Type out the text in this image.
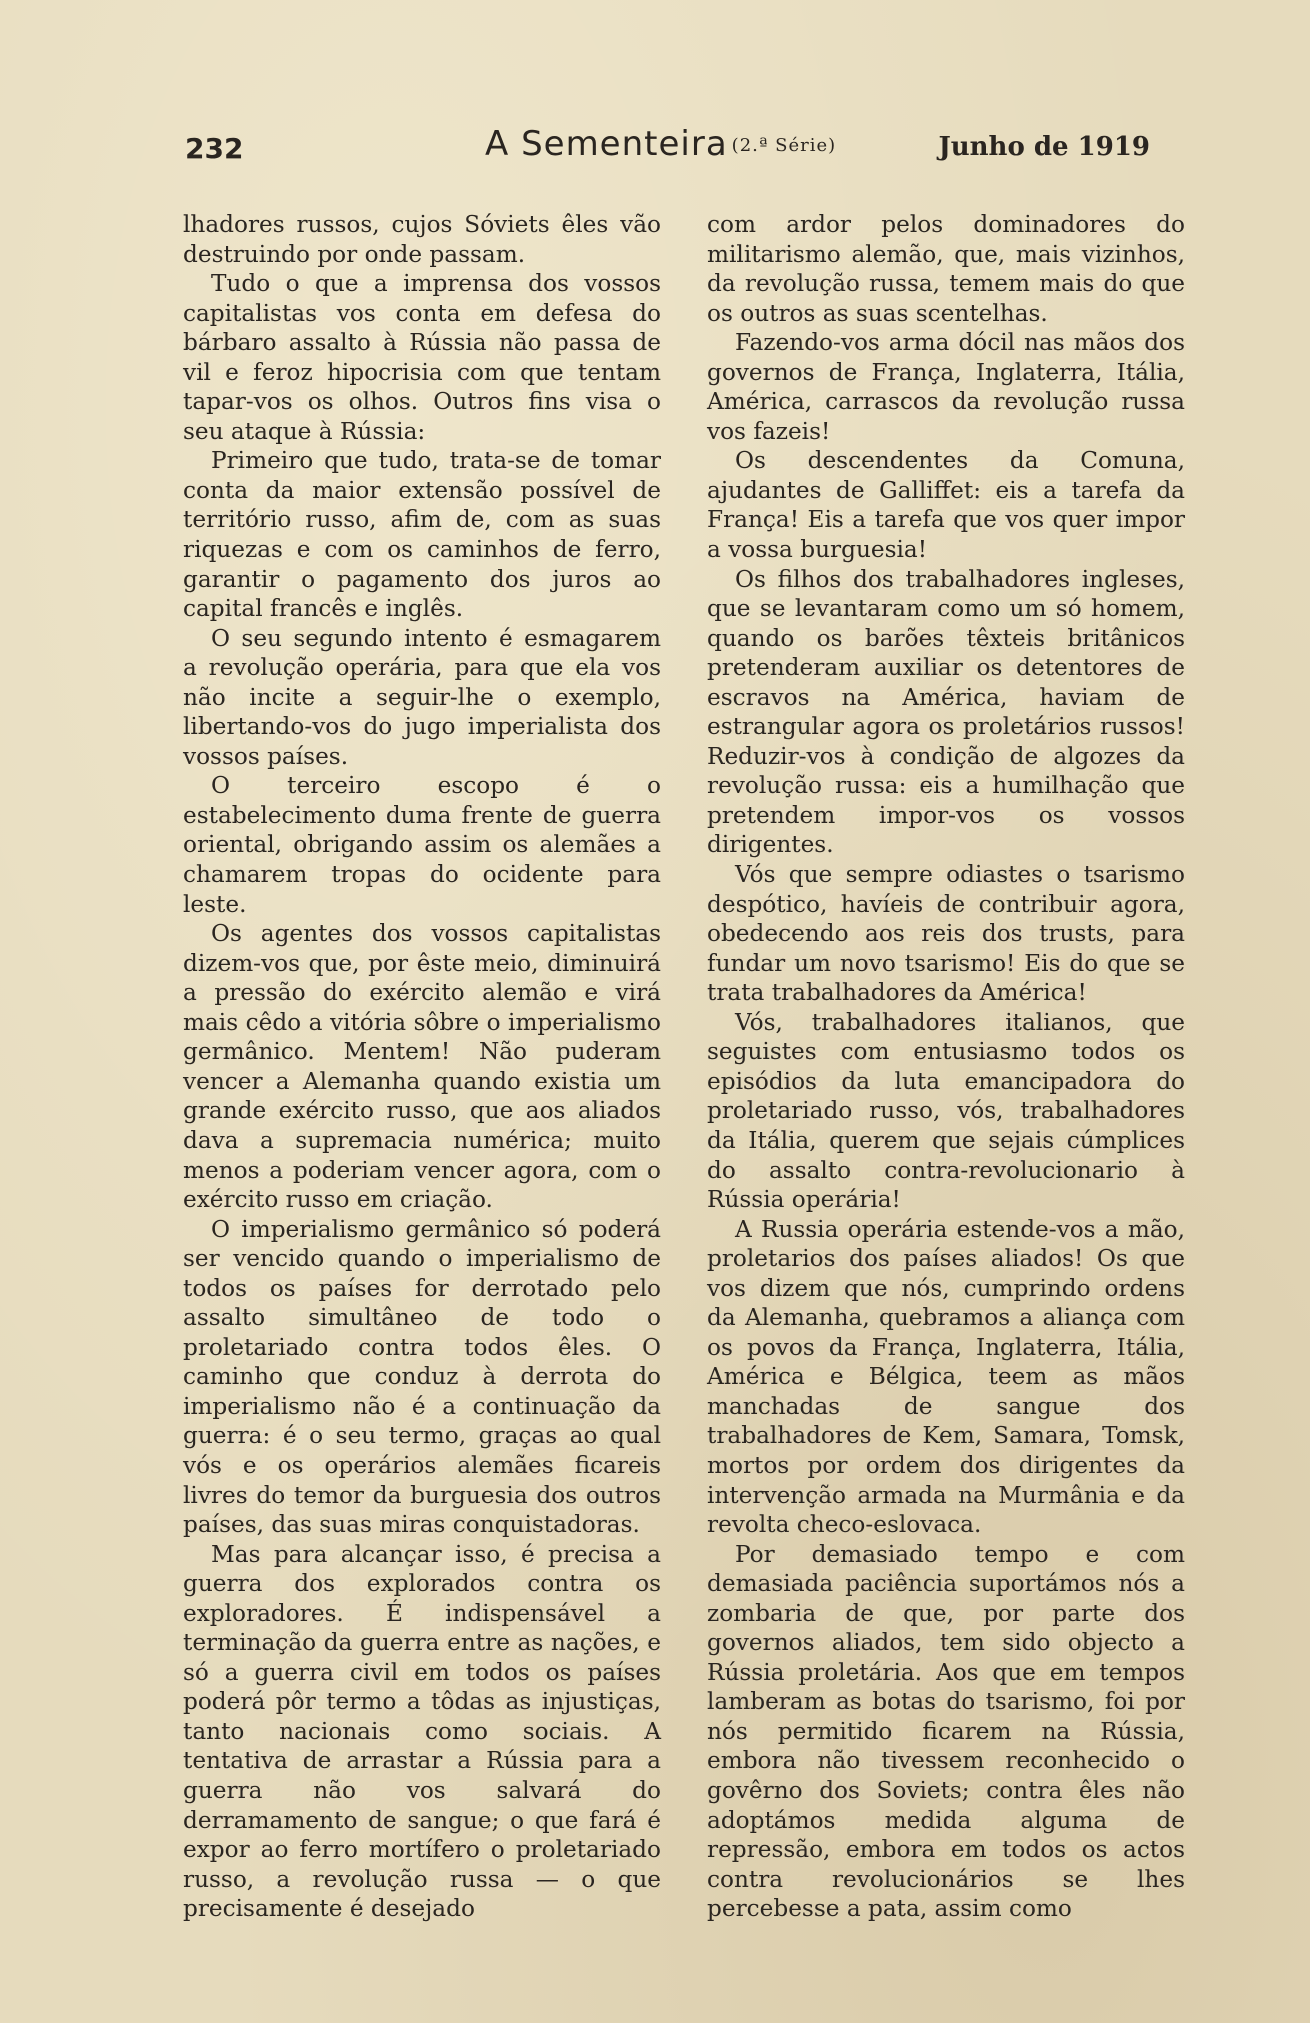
232	A Sementeira (2.ª Série)	Junho de 1919

lhadores russos, cujos Sóviets êles vão destruindo por onde passam.

Tudo o que a imprensa dos vossos capitalistas vos conta em defesa do bárbaro assalto à Rússia não passa de vil e feroz hipocrisia com que tentam tapar-vos os olhos. Outros fins visa o seu ataque à Rússia:

Primeiro que tudo, trata-se de tomar conta da maior extensão possível de território russo, afim de, com as suas riquezas e com os caminhos de ferro, garantir o pagamento dos juros ao capital francês e inglês.

O seu segundo intento é esmagarem a revolução operária, para que ela vos não incite a seguir-lhe o exemplo, libertando-vos do jugo imperialista dos vossos países.

O terceiro escopo é o estabelecimento duma frente de guerra oriental, obrigando assim os alemães a chamarem tropas do ocidente para leste.

Os agentes dos vossos capitalistas dizem-vos que, por êste meio, diminuirá a pressão do exército alemão e virá mais cêdo a vitória sôbre o imperialismo germânico. Mentem! Não puderam vencer a Alemanha quando existia um grande exército russo, que aos aliados dava a supremacia numérica; muito menos a poderiam vencer agora, com o exército russo em criação.

O imperialismo germânico só poderá ser vencido quando o imperialismo de todos os países for derrotado pelo assalto simultâneo de todo o proletariado contra todos êles. O caminho que conduz à derrota do imperialismo não é a continuação da guerra: é o seu termo, graças ao qual vós e os operários alemães ficareis livres do temor da burguesia dos outros países, das suas miras conquistadoras.

Mas para alcançar isso, é precisa a guerra dos explorados contra os exploradores. É indispensável a terminação da guerra entre as nações, e só a guerra civil em todos os países poderá pôr termo a tôdas as injustiças, tanto nacionais como sociais. A tentativa de arrastar a Rússia para a guerra não vos salvará do derramamento de sangue; o que fará é expor ao ferro mortífero o proletariado russo, a revolução russa — o que precisamente é desejado

com ardor pelos dominadores do militarismo alemão, que, mais vizinhos, da revolução russa, temem mais do que os outros as suas scentelhas.

Fazendo-vos arma dócil nas mãos dos governos de França, Inglaterra, Itália, América, carrascos da revolução russa vos fazeis!

Os descendentes da Comuna, ajudantes de Galliffet: eis a tarefa da França! Eis a tarefa que vos quer impor a vossa burguesia!

Os filhos dos trabalhadores ingleses, que se levantaram como um só homem, quando os barões têxteis britânicos pretenderam auxiliar os detentores de escravos na América, haviam de estrangular agora os proletários russos! Reduzir-vos à condição de algozes da revolução russa: eis a humilhação que pretendem impor-vos os vossos dirigentes.

Vós que sempre odiastes o tsarismo despótico, havíeis de contribuir agora, obedecendo aos reis dos trusts, para fundar um novo tsarismo! Eis do que se trata trabalhadores da América!

Vós, trabalhadores italianos, que seguistes com entusiasmo todos os episódios da luta emancipadora do proletariado russo, vós, trabalhadores da Itália, querem que sejais cúmplices do assalto contra-revolucionario à Rússia operária!

A Russia operária estende-vos a mão, proletarios dos países aliados! Os que vos dizem que nós, cumprindo ordens da Alemanha, quebramos a aliança com os povos da França, Inglaterra, Itália, América e Bélgica, teem as mãos manchadas de sangue dos trabalhadores de Kem, Samara, Tomsk, mortos por ordem dos dirigentes da intervenção armada na Murmânia e da revolta checo-eslovaca.

Por demasiado tempo e com demasiada paciência suportámos nós a zombaria de que, por parte dos governos aliados, tem sido objecto a Rússia proletária. Aos que em tempos lamberam as botas do tsarismo, foi por nós permitido ficarem na Rússia, embora não tivessem reconhecido o govêrno dos Soviets; contra êles não adoptámos medida alguma de repressão, embora em todos os actos contra revolucionários se lhes percebesse a pata, assim como
